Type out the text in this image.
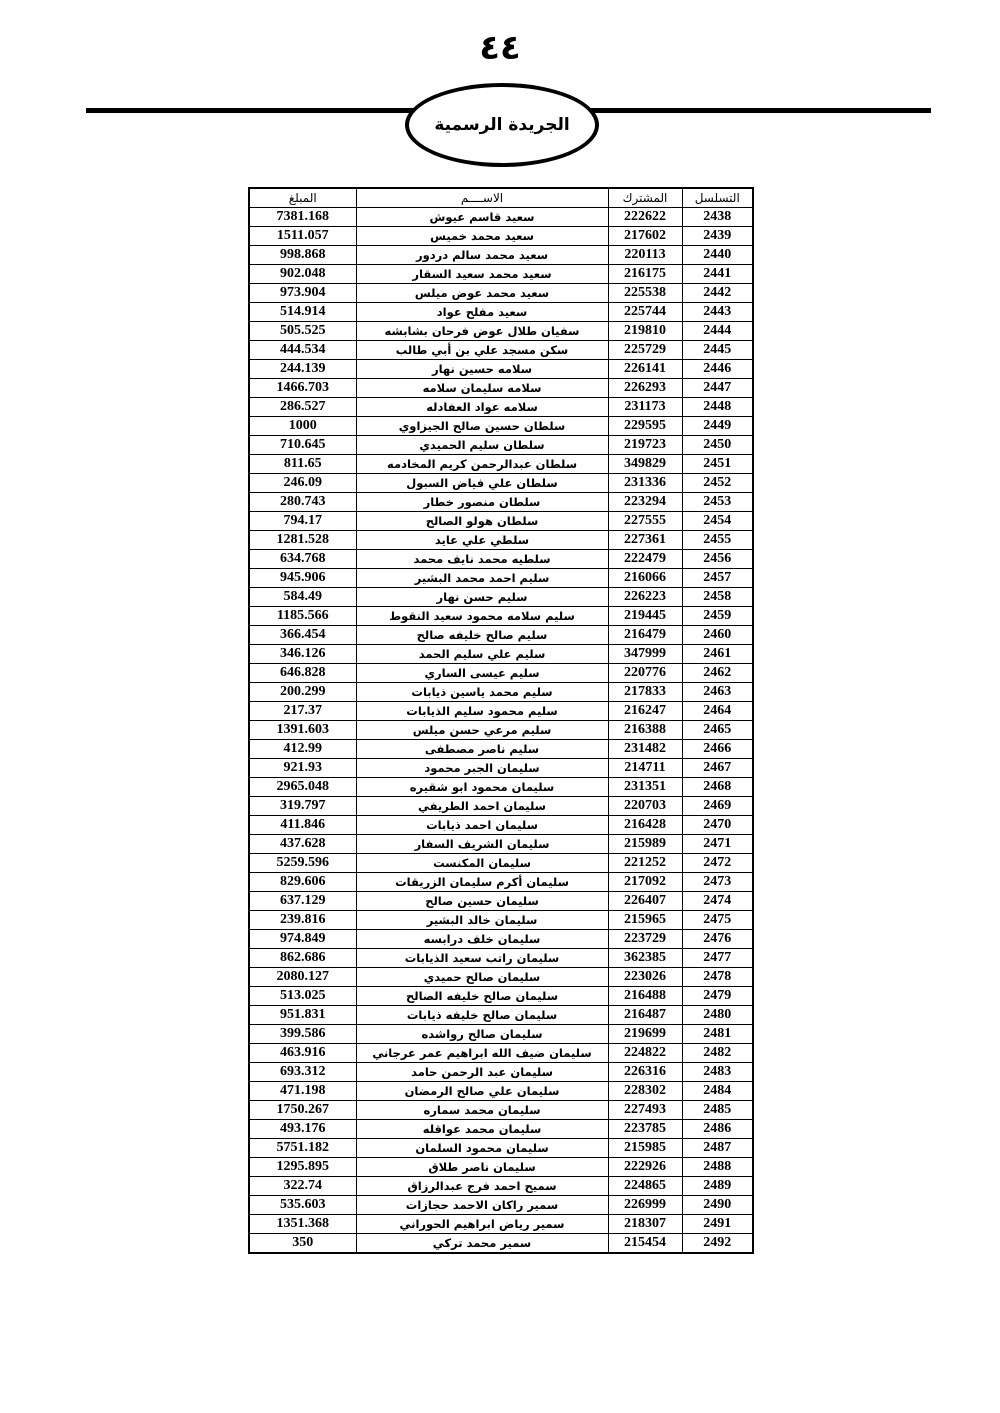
٤٤
الجريدة الرسمية
التسلسل	المشترك	الاســــم	المبلغ
2438	222622	سعيد قاسم عيوش	7381.168
2439	217602	سعيد محمد خميس	1511.057
2440	220113	سعيد محمد سالم دردور	998.868
2441	216175	سعيد محمد سعيد السقار	902.048
2442	225538	سعيد محمد عوض ميلس	973.904
2443	225744	سعيد مفلح عواد	514.914
2444	219810	سفيان طلال عوض فرحان بشابشه	505.525
2445	225729	سكن مسجد علي بن أبي طالب	444.534
2446	226141	سلامه حسين نهار	244.139
2447	226293	سلامه سليمان سلامه	1466.703
2448	231173	سلامه عواد العفادله	286.527
2449	229595	سلطان حسين صالح الجيزاوي	1000
2450	219723	سلطان سليم الحميدي	710.645
2451	349829	سلطان عبدالرحمن كريم المخادمه	811.65
2452	231336	سلطان علي فياض السبول	246.09
2453	223294	سلطان منصور خطار	280.743
2454	227555	سلطان هولو الصالح	794.17
2455	227361	سلطي علي عايد	1281.528
2456	222479	سلطيه محمد نايف محمد	634.768
2457	216066	سليم احمد محمد البشير	945.906
2458	226223	سليم حسن نهار	584.49
2459	219445	سليم سلامه محمود سعيد النقوط	1185.566
2460	216479	سليم صالح خليفه صالح	366.454
2461	347999	سليم علي سليم الحمد	346.126
2462	220776	سليم عيسى الساري	646.828
2463	217833	سليم محمد ياسين ذيابات	200.299
2464	216247	سليم محمود سليم الذيابات	217.37
2465	216388	سليم مرعي حسن ميلس	1391.603
2466	231482	سليم ناصر مصطفى	412.99
2467	214711	سليمان الجبر محمود	921.93
2468	231351	سليمان محمود ابو شقيره	2965.048
2469	220703	سليمان احمد الطريفي	319.797
2470	216428	سليمان احمد ذيابات	411.846
2471	215989	سليمان الشريف السفار	437.628
2472	221252	سليمان المكنست	5259.596
2473	217092	سليمان أكرم سليمان الزريقات	829.606
2474	226407	سليمان حسين صالح	637.129
2475	215965	سليمان خالد البشير	239.816
2476	223729	سليمان خلف درابسه	974.849
2477	362385	سليمان راتب سعيد الذيابات	862.686
2478	223026	سليمان صالح حميدي	2080.127
2479	216488	سليمان صالح خليفه الصالح	513.025
2480	216487	سليمان صالح خليفه ذيابات	951.831
2481	219699	سليمان صالح رواشده	399.586
2482	224822	سليمان ضيف الله ابراهيم عمر عرجاني	463.916
2483	226316	سليمان عبد الرحمن حامد	693.312
2484	228302	سليمان علي صالح الرمضان	471.198
2485	227493	سليمان محمد سماره	1750.267
2486	223785	سليمان محمد عواقله	493.176
2487	215985	سليمان محمود السلمان	5751.182
2488	222926	سليمان ناصر طلاق	1295.895
2489	224865	سميح احمد فرج عبدالرزاق	322.74
2490	226999	سمير راكان الاحمد حجازات	535.603
2491	218307	سمير رياض ابراهيم الحوراني	1351.368
2492	215454	سمير محمد تركي	350
